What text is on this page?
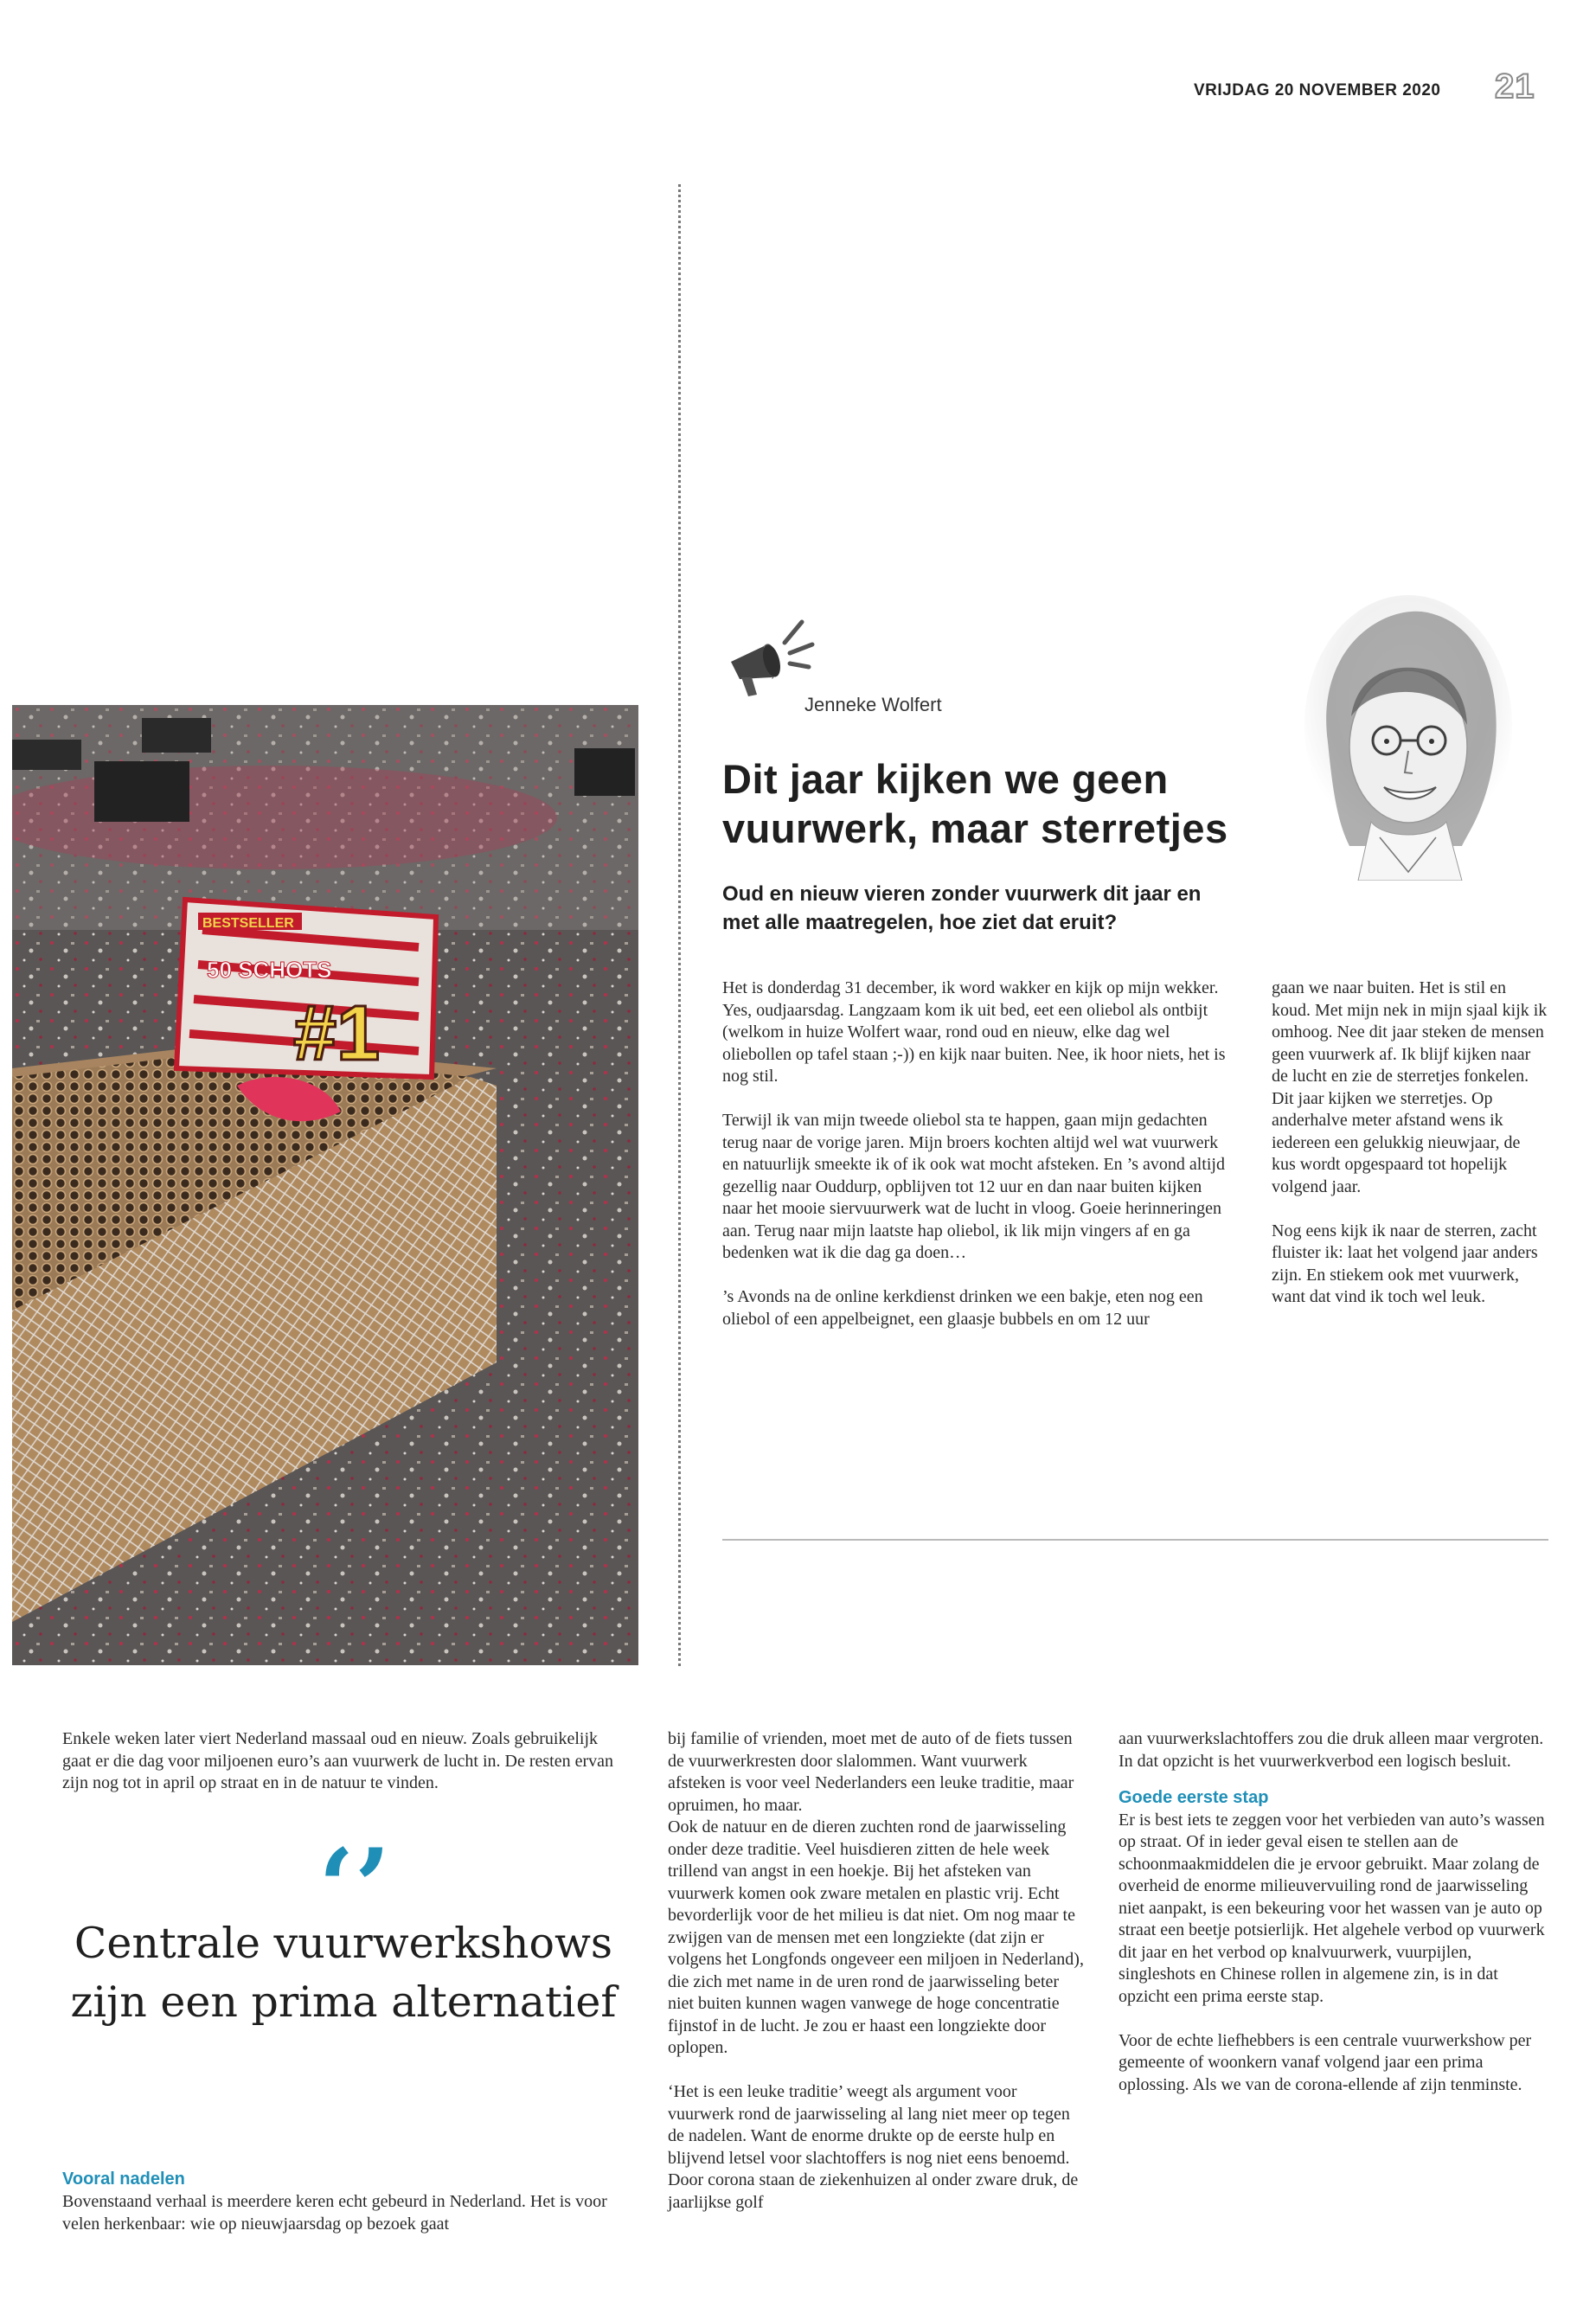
VRIJDAG 20 NOVEMBER 2020 21
BESTSELLER
50 SCHOTS
#1
Jenneke Wolfert
Dit jaar kijken we geen
vuurwerk, maar sterretjes
Oud en nieuw vieren zonder vuurwerk dit jaar en
met alle maatregelen, hoe ziet dat eruit?

Het is donderdag 31 december, ik word wakker en kijk op mijn wekker. Yes, oudjaarsdag. Langzaam kom ik uit bed, eet een oliebol als ontbijt (welkom in huize Wolfert waar, rond oud en nieuw, elke dag wel oliebollen op tafel staan ;-)) en kijk naar buiten. Nee, ik hoor niets, het is nog stil.

Terwijl ik van mijn tweede oliebol sta te happen, gaan mijn gedachten terug naar de vorige jaren. Mijn broers kochten altijd wel wat vuurwerk en natuurlijk smeekte ik of ik ook wat mocht afsteken. En ’s avond altijd gezellig naar Ouddurp, opblijven tot 12 uur en dan naar buiten kijken naar het mooie siervuurwerk wat de lucht in vloog. Goeie herinneringen aan. Terug naar mijn laatste hap oliebol, ik lik mijn vingers af en ga bedenken wat ik die dag ga doen…

’s Avonds na de online kerkdienst drinken we een bakje, eten nog een oliebol of een appelbeignet, een glaasje bubbels en om 12 uur

gaan we naar buiten. Het is stil en koud. Met mijn nek in mijn sjaal kijk ik omhoog. Nee dit jaar steken de mensen geen vuurwerk af. Ik blijf kijken naar de lucht en zie de sterretjes fonkelen. Dit jaar kijken we sterretjes. Op anderhalve meter afstand wens ik iedereen een gelukkig nieuwjaar, de kus wordt opgespaard tot hopelijk volgend jaar.

Nog eens kijk ik naar de sterren, zacht fluister ik: laat het volgend jaar anders zijn. En stiekem ook met vuurwerk, want dat vind ik toch wel leuk.

Enkele weken later viert Nederland massaal oud en nieuw. Zoals gebruikelijk gaat er die dag voor miljoenen euro’s aan vuurwerk de lucht in. De resten ervan zijn nog tot in april op straat en in de natuur te vinden.

‘’
Centrale vuurwerkshows zijn een prima alternatief
Vooral nadelen

Bovenstaand verhaal is meerdere keren echt gebeurd in Nederland. Het is voor velen herkenbaar: wie op nieuwjaarsdag op bezoek gaat

bij familie of vrienden, moet met de auto of de fiets tussen de vuurwerkresten door slalommen. Want vuurwerk afsteken is voor veel Nederlanders een leuke traditie, maar opruimen, ho maar.

Ook de natuur en de dieren zuchten rond de jaarwisseling onder deze traditie. Veel huisdieren zitten de hele week trillend van angst in een hoekje. Bij het afsteken van vuurwerk komen ook zware metalen en plastic vrij. Echt bevorderlijk voor de het milieu is dat niet. Om nog maar te zwijgen van de mensen met een longziekte (dat zijn er volgens het Longfonds ongeveer een miljoen in Nederland), die zich met name in de uren rond de jaarwisseling beter niet buiten kunnen wagen vanwege de hoge concentratie fijnstof in de lucht. Je zou er haast een longziekte door oplopen.

‘Het is een leuke traditie’ weegt als argument voor vuurwerk rond de jaarwisseling al lang niet meer op tegen de nadelen. Want de enorme drukte op de eerste hulp en blijvend letsel voor slachtoffers is nog niet eens benoemd. Door corona staan de ziekenhuizen al onder zware druk, de jaarlijkse golf

aan vuurwerkslachtoffers zou die druk alleen maar vergroten. In dat opzicht is het vuurwerkverbod een logisch besluit.

Goede eerste stap

Er is best iets te zeggen voor het verbieden van auto’s wassen op straat. Of in ieder geval eisen te stellen aan de schoonmaakmiddelen die je ervoor gebruikt. Maar zolang de overheid de enorme milieuvervuiling rond de jaarwisseling niet aanpakt, is een bekeuring voor het wassen van je auto op straat een beetje potsierlijk. Het algehele verbod op vuurwerk dit jaar en het verbod op knalvuurwerk, vuurpijlen, singleshots en Chinese rollen in algemene zin, is in dat opzicht een prima eerste stap.

Voor de echte liefhebbers is een centrale vuurwerkshow per gemeente of woonkern vanaf volgend jaar een prima oplossing. Als we van de corona-ellende af zijn tenminste.
